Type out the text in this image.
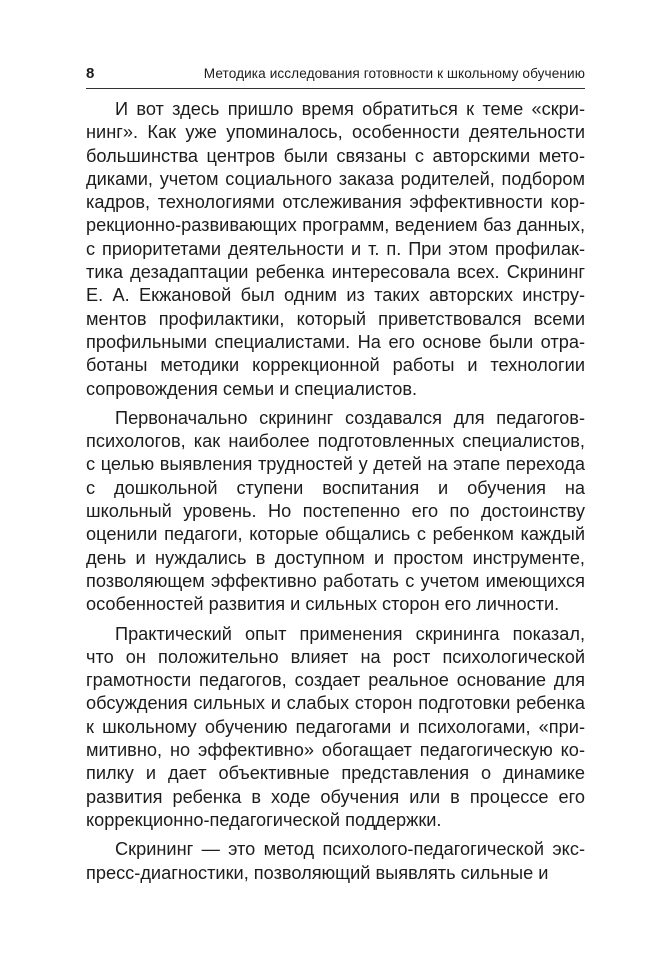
8	Методика исследования готовности к школьному обучению

И вот здесь пришло время обратиться к теме «скрининг». Как уже упоминалось, особенности деятельности большинства центров были связаны с авторскими методиками, учетом социального заказа родителей, подбором кадров, технологиями отслеживания эффективности коррекционно-развивающих программ, ведением баз данных, с приоритетами деятельности и т. п. При этом профилактика дезадаптации ребенка интересовала всех. Скрининг Е. А. Екжановой был одним из таких авторских инструментов профилактики, который приветствовался всеми профильными специалистами. На его основе были отработаны методики коррекционной работы и технологии сопровождения семьи и специалистов.

Первоначально скрининг создавался для педагоговпсихологов, как наиболее подготовленных специалистов, с целью выявления трудностей у детей на этапе перехода с дошкольной ступени воспитания и обучения на школьный уровень. Но постепенно его по достоинству оценили педагоги, которые общались с ребенком каждый день и нуждались в доступном и простом инструменте, позволяющем эффективно работать с учетом имеющихся особенностей развития и сильных сторон его личности.

Практический опыт применения скрининга показал, что он положительно влияет на рост психологической грамотности педагогов, создает реальное основание для обсуждения сильных и слабых сторон подготовки ребенка к школьному обучению педагогами и психологами, «примитивно, но эффективно» обогащает педагогическую копилку и дает объективные представления о динамике развития ребенка в ходе обучения или в процессе его коррекционно-педагогической поддержки.

Скрининг — это метод психолого-педагогической экспресс-диагностики, позволяющий выявлять сильные и
